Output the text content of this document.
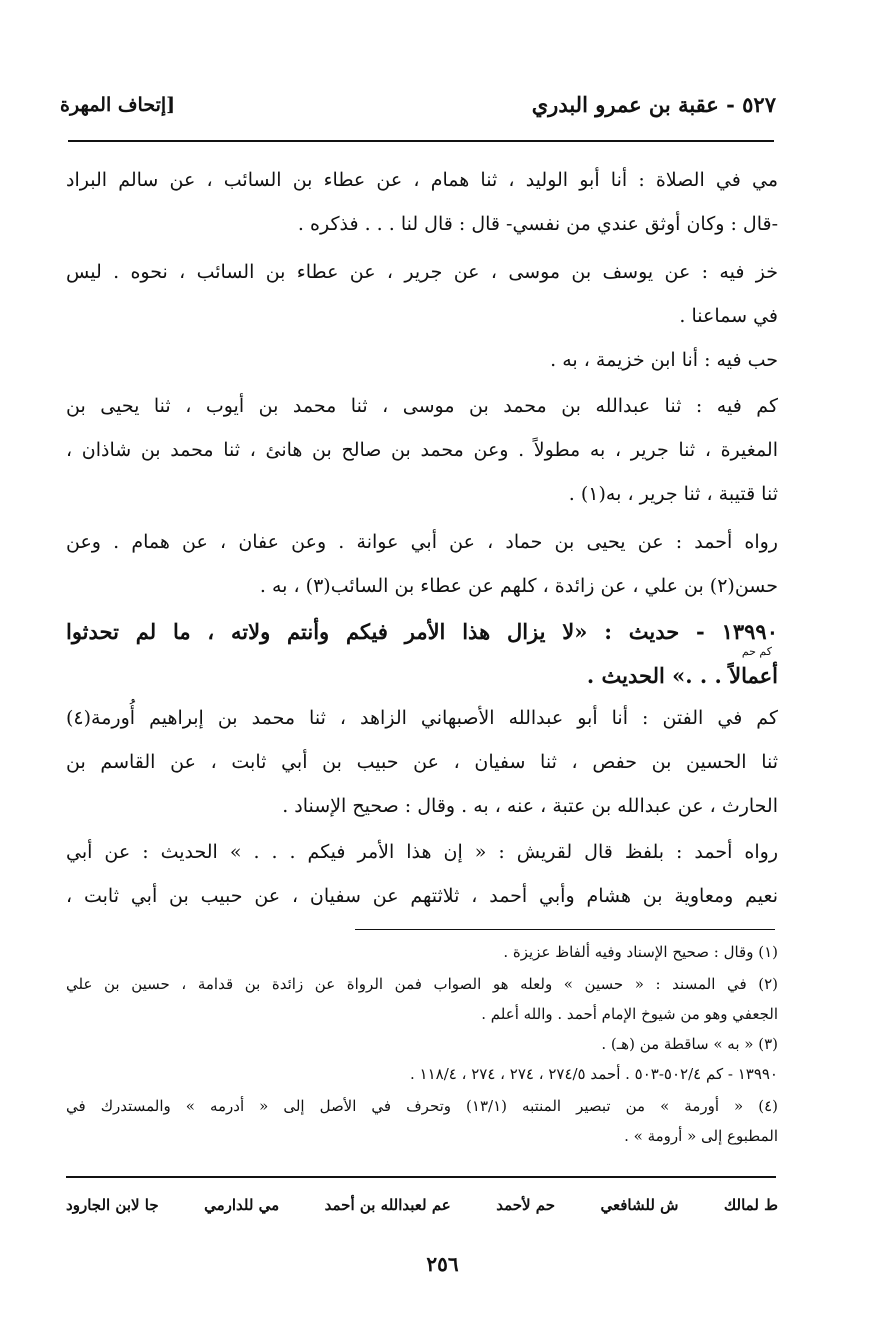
٥٢٧ - عقبة بن عمرو البدري
[إتحاف المهرة
مي في الصلاة : أنا أبو الوليد ، ثنا همام ، عن عطاء بن السائب ، عن سالم البراد
-قال : وكان أوثق عندي من نفسي- قال : قال لنا . . . فذكره .
خز فيه : عن يوسف بن موسى ، عن جرير ، عن عطاء بن السائب ، نحوه . ليس
في سماعنا .
حب فيه : أنا ابن خزيمة ، به .
كم فيه : ثنا عبدالله بن محمد بن موسى ، ثنا محمد بن أيوب ، ثنا يحيى بن
المغيرة ، ثنا جرير ، به مطولاً . وعن محمد بن صالح بن هانئ ، ثنا محمد بن شاذان ،
ثنا قتيبة ، ثنا جرير ، به(١) .
رواه أحمد : عن يحيى بن حماد ، عن أبي عوانة . وعن عفان ، عن همام . وعن
حسن(٢) بن علي ، عن زائدة ، كلهم عن عطاء بن السائب(٣) ، به .
١٣٩٩٠ - حديث : «لا يزال هذا الأمر فيكم وأنتم ولاته ، ما لم تحدثوا
كم حم
أعمالاً . . .» الحديث .
كم في الفتن : أنا أبو عبدالله الأصبهاني الزاهد ، ثنا محمد بن إبراهيم أُورمة(٤)
ثنا الحسين بن حفص ، ثنا سفيان ، عن حبيب بن أبي ثابت ، عن القاسم بن
الحارث ، عن عبدالله بن عتبة ، عنه ، به . وقال : صحيح الإسناد .
رواه أحمد : بلفظ قال لقريش : « إن هذا الأمر فيكم . . . » الحديث : عن أبي
نعيم ومعاوية بن هشام وأبي أحمد ، ثلاثتهم عن سفيان ، عن حبيب بن أبي ثابت ،
(١) وقال : صحيح الإسناد وفيه ألفاظ عزيزة .
(٢) في المسند : « حسين » ولعله هو الصواب فمن الرواة عن زائدة بن قدامة ، حسين بن علي
الجعفي وهو من شيوخ الإمام أحمد . والله أعلم .
(٣) « به » ساقطة من (هـ) .
١٣٩٩٠ - كم ٥٠٢/٤-٥٠٣ . أحمد ٢٧٤/٥ ، ٢٧٤ ، ٢٧٤ ، ١١٨/٤ .
(٤) « أورمة » من تبصير المنتبه (١٣/١) وتحرف في الأصل إلى « أدرمه » والمستدرك في
المطبوع إلى « أرومة » .
ط لمالك
ش للشافعي
حم لأحمد
عم لعبدالله بن أحمد
مي للدارمي
جا لابن الجارود
٢٥٦
